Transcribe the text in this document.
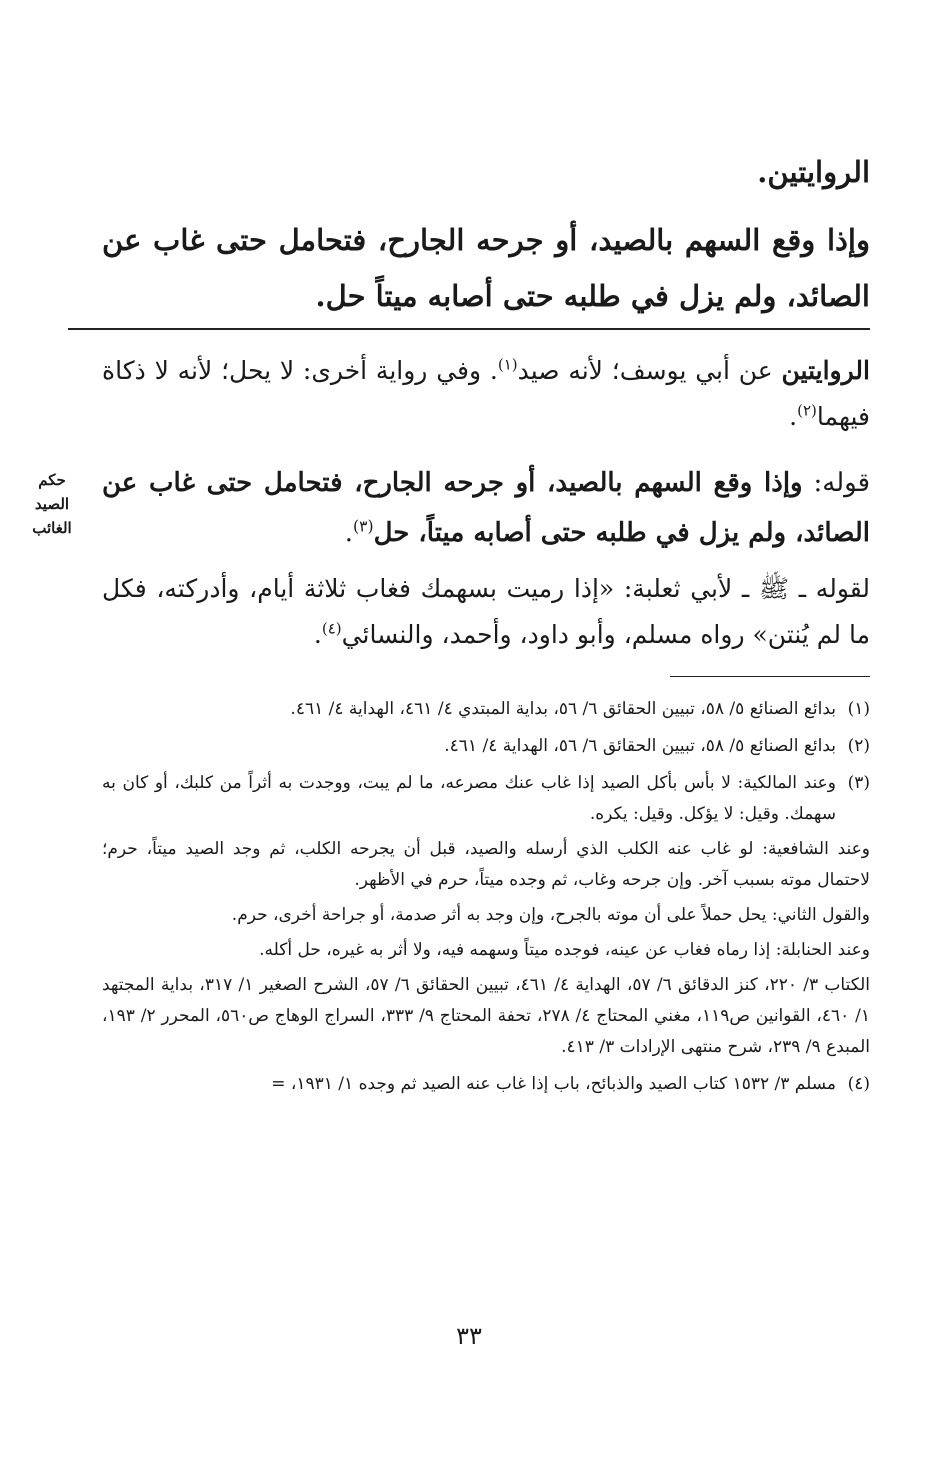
الروايتين.
وإذا وقع السهم بالصيد، أو جرحه الجارح، فتحامل حتى غاب عن الصائد، ولم يزل في طلبه حتى أصابه ميتاً حل.
الروايتين عن أبي يوسف؛ لأنه صيد$^{(١)}$. وفي رواية أخرى: لا يحل؛ لأنه لا ذكاة فيهما$^{(٢)}$.
قوله: وإذا وقع السهم بالصيد، أو جرحه الجارح، فتحامل حتى غاب عن الصائد، ولم يزل في طلبه حتى أصابه ميتاً، حل$^{(٣)}$.
حكم
الصيد
الغائب
لقوله ـ ﷺ ـ لأبي ثعلبة: «إذا رميت بسهمك فغاب ثلاثة أيام، وأدركته، فكل ما لم يُنتن» رواه مسلم، وأبو داود، وأحمد، والنسائي$^{(٤)}$.
(١)بدائع الصنائع ٥/ ٥٨، تبيين الحقائق ٦/ ٥٦، بداية المبتدي ٤/ ٤٦١، الهداية ٤/ ٤٦١.
(٢)بدائع الصنائع ٥/ ٥٨، تبيين الحقائق ٦/ ٥٦، الهداية ٤/ ٤٦١.
(٣)
وعند المالكية: لا بأس بأكل الصيد إذا غاب عنك مصرعه، ما لم يبت، ووجدت به أثراً من كلبك، أو كان به سهمك. وقيل: لا يؤكل. وقيل: يكره.
وعند الشافعية: لو غاب عنه الكلب الذي أرسله والصيد، قبل أن يجرحه الكلب، ثم وجد الصيد ميتاً، حرم؛ لاحتمال موته بسبب آخر. وإن جرحه وغاب، ثم وجده ميتاً، حرم في الأظهر.
والقول الثاني: يحل حملاً على أن موته بالجرح، وإن وجد به أثر صدمة، أو جراحة أخرى، حرم.
وعند الحنابلة: إذا رماه فغاب عن عينه، فوجده ميتاً وسهمه فيه، ولا أثر به غيره، حل أكله.
الكتاب ٣/ ٢٢٠، كنز الدقائق ٦/ ٥٧، الهداية ٤/ ٤٦١، تبيين الحقائق ٦/ ٥٧، الشرح الصغير ١/ ٣١٧، بداية المجتهد ١/ ٤٦٠، القوانين ص١١٩، مغني المحتاج ٤/ ٢٧٨، تحفة المحتاج ٩/ ٣٣٣، السراج الوهاج ص٥٦٠، المحرر ٢/ ١٩٣، المبدع ٩/ ٢٣٩، شرح منتهى الإرادات ٣/ ٤١٣.
(٤)مسلم ٣/ ١٥٣٢ كتاب الصيد والذبائح، باب إذا غاب عنه الصيد ثم وجده ١/ ١٩٣١، =
٣٣
